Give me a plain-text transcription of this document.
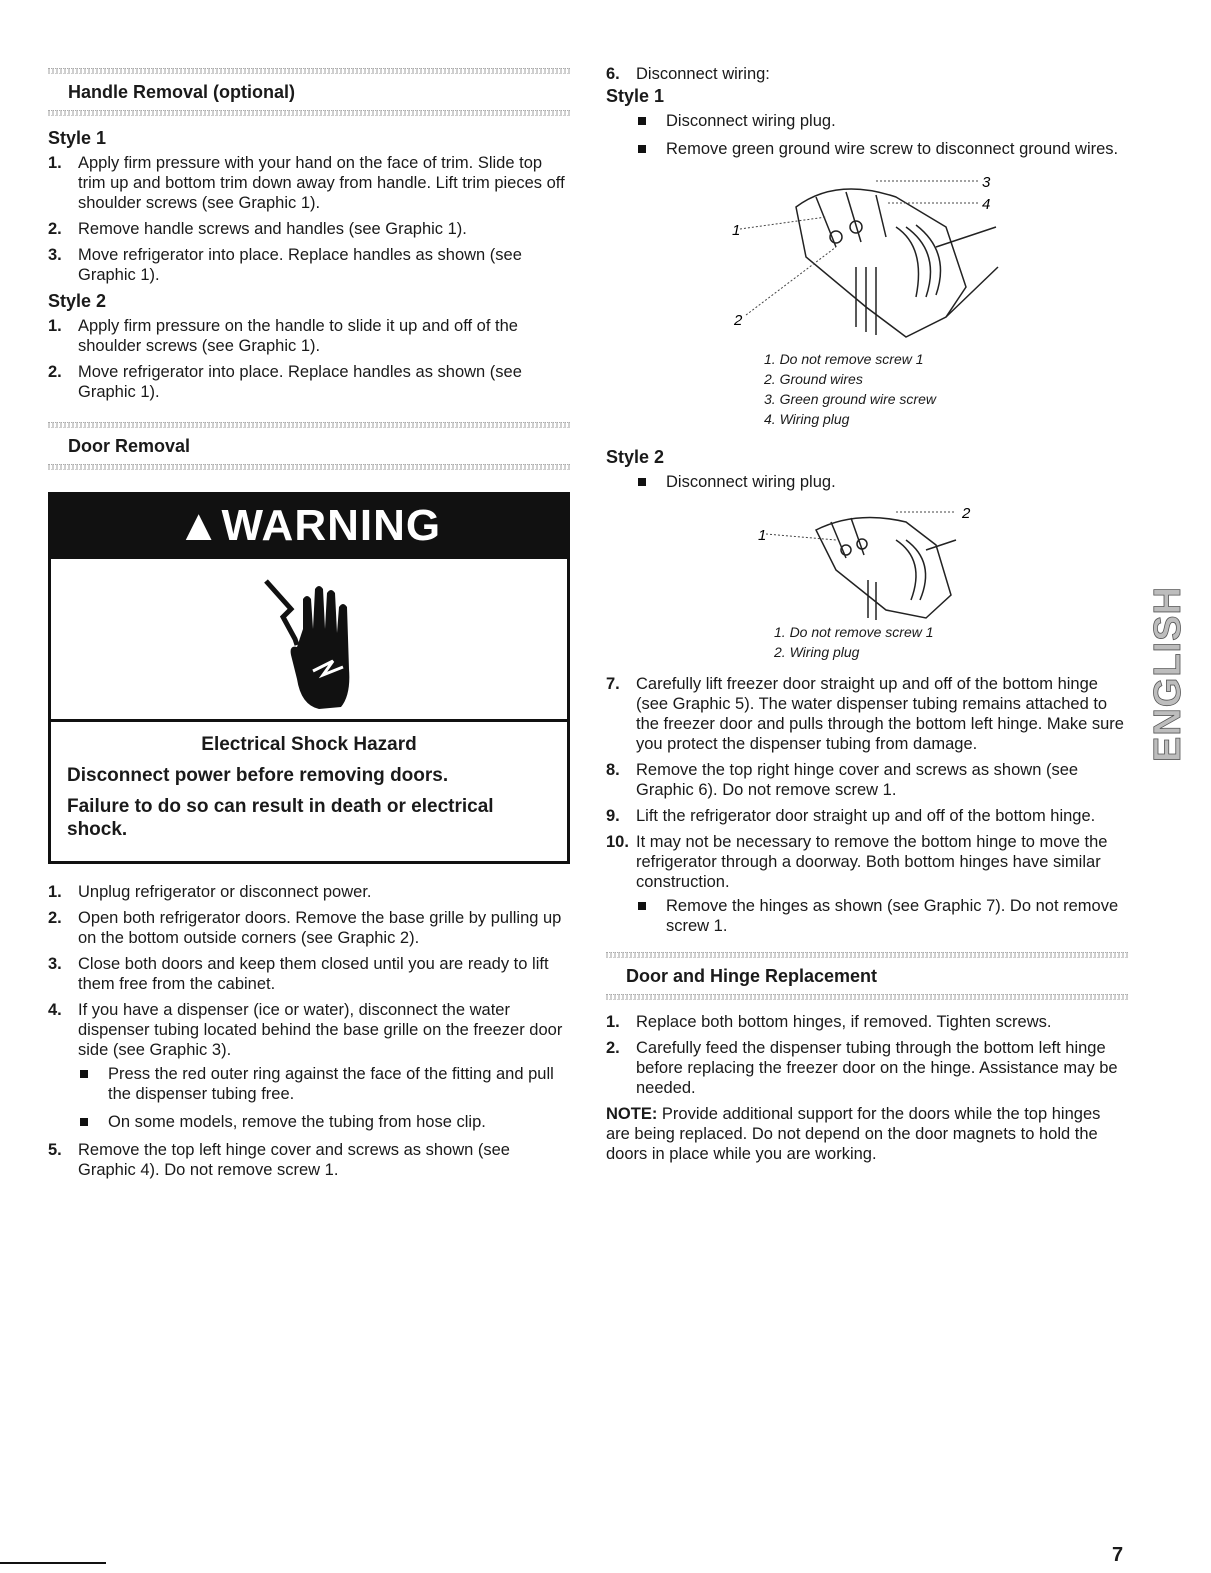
Handle Removal (optional)
Style 1
1. Apply firm pressure with your hand on the face of trim. Slide top trim up and bottom trim down away from handle. Lift trim pieces off shoulder screws (see Graphic 1).
2. Remove handle screws and handles (see Graphic 1).
3. Move refrigerator into place. Replace handles as shown (see Graphic 1).
Style 2
1. Apply firm pressure on the handle to slide it up and off of the shoulder screws (see Graphic 1).
2. Move refrigerator into place. Replace handles as shown (see Graphic 1).
Door Removal
▲WARNING
Electrical Shock Hazard
Disconnect power before removing doors.
Failure to do so can result in death or electrical shock.
1. Unplug refrigerator or disconnect power.
2. Open both refrigerator doors. Remove the base grille by pulling up on the bottom outside corners (see Graphic 2).
3. Close both doors and keep them closed until you are ready to lift them free from the cabinet.
4. If you have a dispenser (ice or water), disconnect the water dispenser tubing located behind the base grille on the freezer door side (see Graphic 3).
Press the red outer ring against the face of the fitting and pull the dispenser tubing free.
On some models, remove the tubing from hose clip.
5. Remove the top left hinge cover and screws as shown (see Graphic 4). Do not remove screw 1.
6. Disconnect wiring:
Style 1
Disconnect wiring plug.
Remove green ground wire screw to disconnect ground wires.
1
2
3
4
1. Do not remove screw 1
2. Ground wires
3. Green ground wire screw
4. Wiring plug
Style 2
Disconnect wiring plug.
1
2
1. Do not remove screw 1
2. Wiring plug
7. Carefully lift freezer door straight up and off of the bottom hinge (see Graphic 5). The water dispenser tubing remains attached to the freezer door and pulls through the bottom left hinge. Make sure you protect the dispenser tubing from damage.
8. Remove the top right hinge cover and screws as shown (see Graphic 6). Do not remove screw 1.
9. Lift the refrigerator door straight up and off of the bottom hinge.
10. It may not be necessary to remove the bottom hinge to move the refrigerator through a doorway. Both bottom hinges have similar construction.
Remove the hinges as shown (see Graphic 7). Do not remove screw 1.
Door and Hinge Replacement
1. Replace both bottom hinges, if removed. Tighten screws.
2. Carefully feed the dispenser tubing through the bottom left hinge before replacing the freezer door on the hinge. Assistance may be needed.
NOTE: Provide additional support for the doors while the top hinges are being replaced. Do not depend on the door magnets to hold the doors in place while you are working.
ENGLISH
7
